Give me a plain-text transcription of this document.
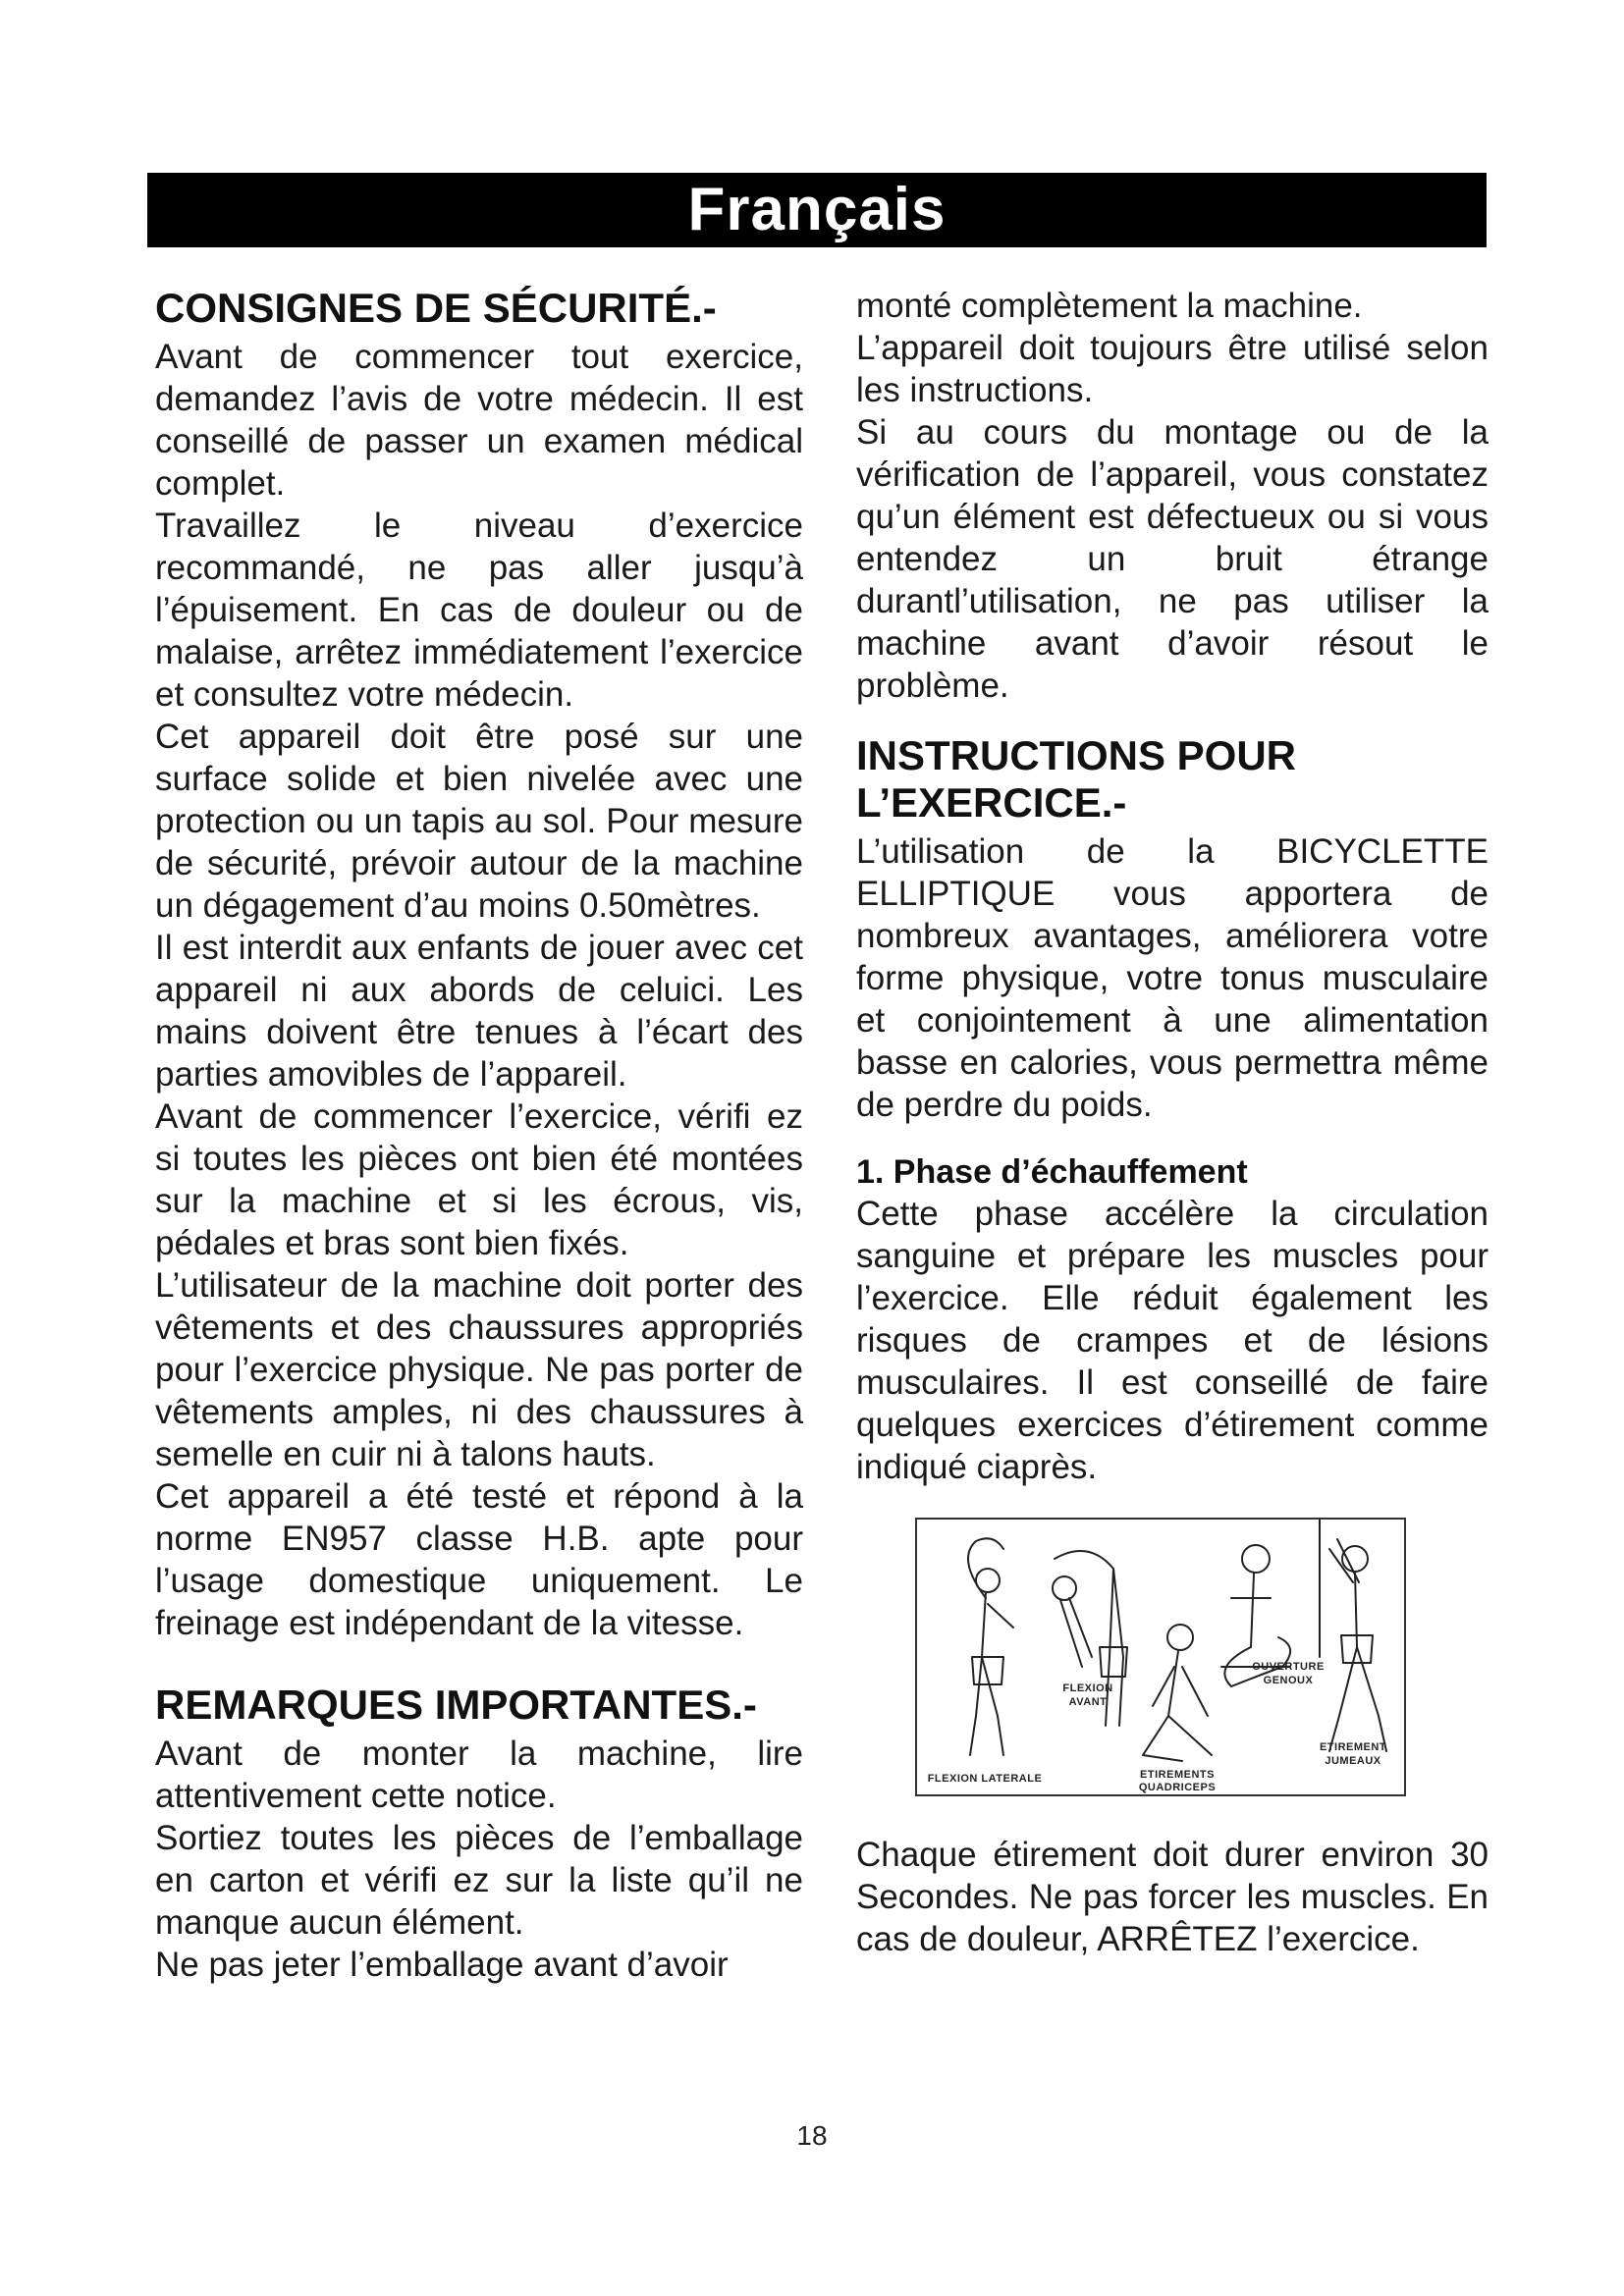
Français
CONSIGNES DE SÉCURITÉ.-

Avant de commencer tout exercice, demandez l’avis de votre médecin. Il est conseillé de passer un examen médical complet.

Travaillez le niveau d’exercice recommandé, ne pas aller jusqu’à l’épuisement. En cas de douleur ou de malaise, arrêtez immédiatement l’exercice et consultez votre médecin.

Cet appareil doit être posé sur une surface solide et bien nivelée avec une protection ou un tapis au sol. Pour mesure de sécurité, prévoir autour de la machine un dégagement d’au moins 0.50mètres.

Il est interdit aux enfants de jouer avec cet appareil ni aux abords de celuici. Les mains doivent être tenues à l’écart des parties amovibles de l’appareil.

Avant de commencer l’exercice, vérifi ez si toutes les pièces ont bien été montées sur la machine et si les écrous, vis, pédales et bras sont bien fixés.

L’utilisateur de la machine doit porter des vêtements et des chaussures appropriés pour l’exercice physique. Ne pas porter de vêtements amples, ni des chaussures à semelle en cuir ni à talons hauts.

Cet appareil a été testé et répond à la norme EN957 classe H.B. apte pour l’usage domestique uniquement. Le freinage est indépendant de la vitesse.

REMARQUES IMPORTANTES.-

Avant de monter la machine, lire attentivement cette notice.

Sortiez toutes les pièces de l’emballage en carton et vérifi ez sur la liste qu’il ne manque aucun élément.

Ne pas jeter l’emballage avant d’avoir

monté complètement la machine.

L’appareil doit toujours être utilisé selon les instructions.

Si au cours du montage ou de la vérification de l’appareil, vous constatez qu’un élément est défectueux ou si vous entendez un bruit étrange durantl’utilisation, ne pas utiliser la machine avant d’avoir résout le problème.

INSTRUCTIONS POUR
L’EXERCICE.-

L’utilisation de la BICYCLETTE ELLIPTIQUE vous apportera de nombreux avantages, améliorera votre forme physique, votre tonus musculaire et conjointement à une alimentation basse en calories, vous permettra même de perdre du poids.

1. Phase d’échauffement

Cette phase accélère la circulation sanguine et prépare les muscles pour l’exercice. Elle réduit également les risques de crampes et de lésions musculaires. Il est conseillé de faire quelques exercices d’étirement comme indiqué ciaprès.

FLEXION LATERALE
FLEXION
AVANT
ETIREMENTS QUADRICEPS
OUVERTURE
GENOUX
ETIREMENT
JUMEAUX

Chaque étirement doit durer environ 30 Secondes. Ne pas forcer les muscles. En cas de douleur, ARRÊTEZ l’exercice.

18
